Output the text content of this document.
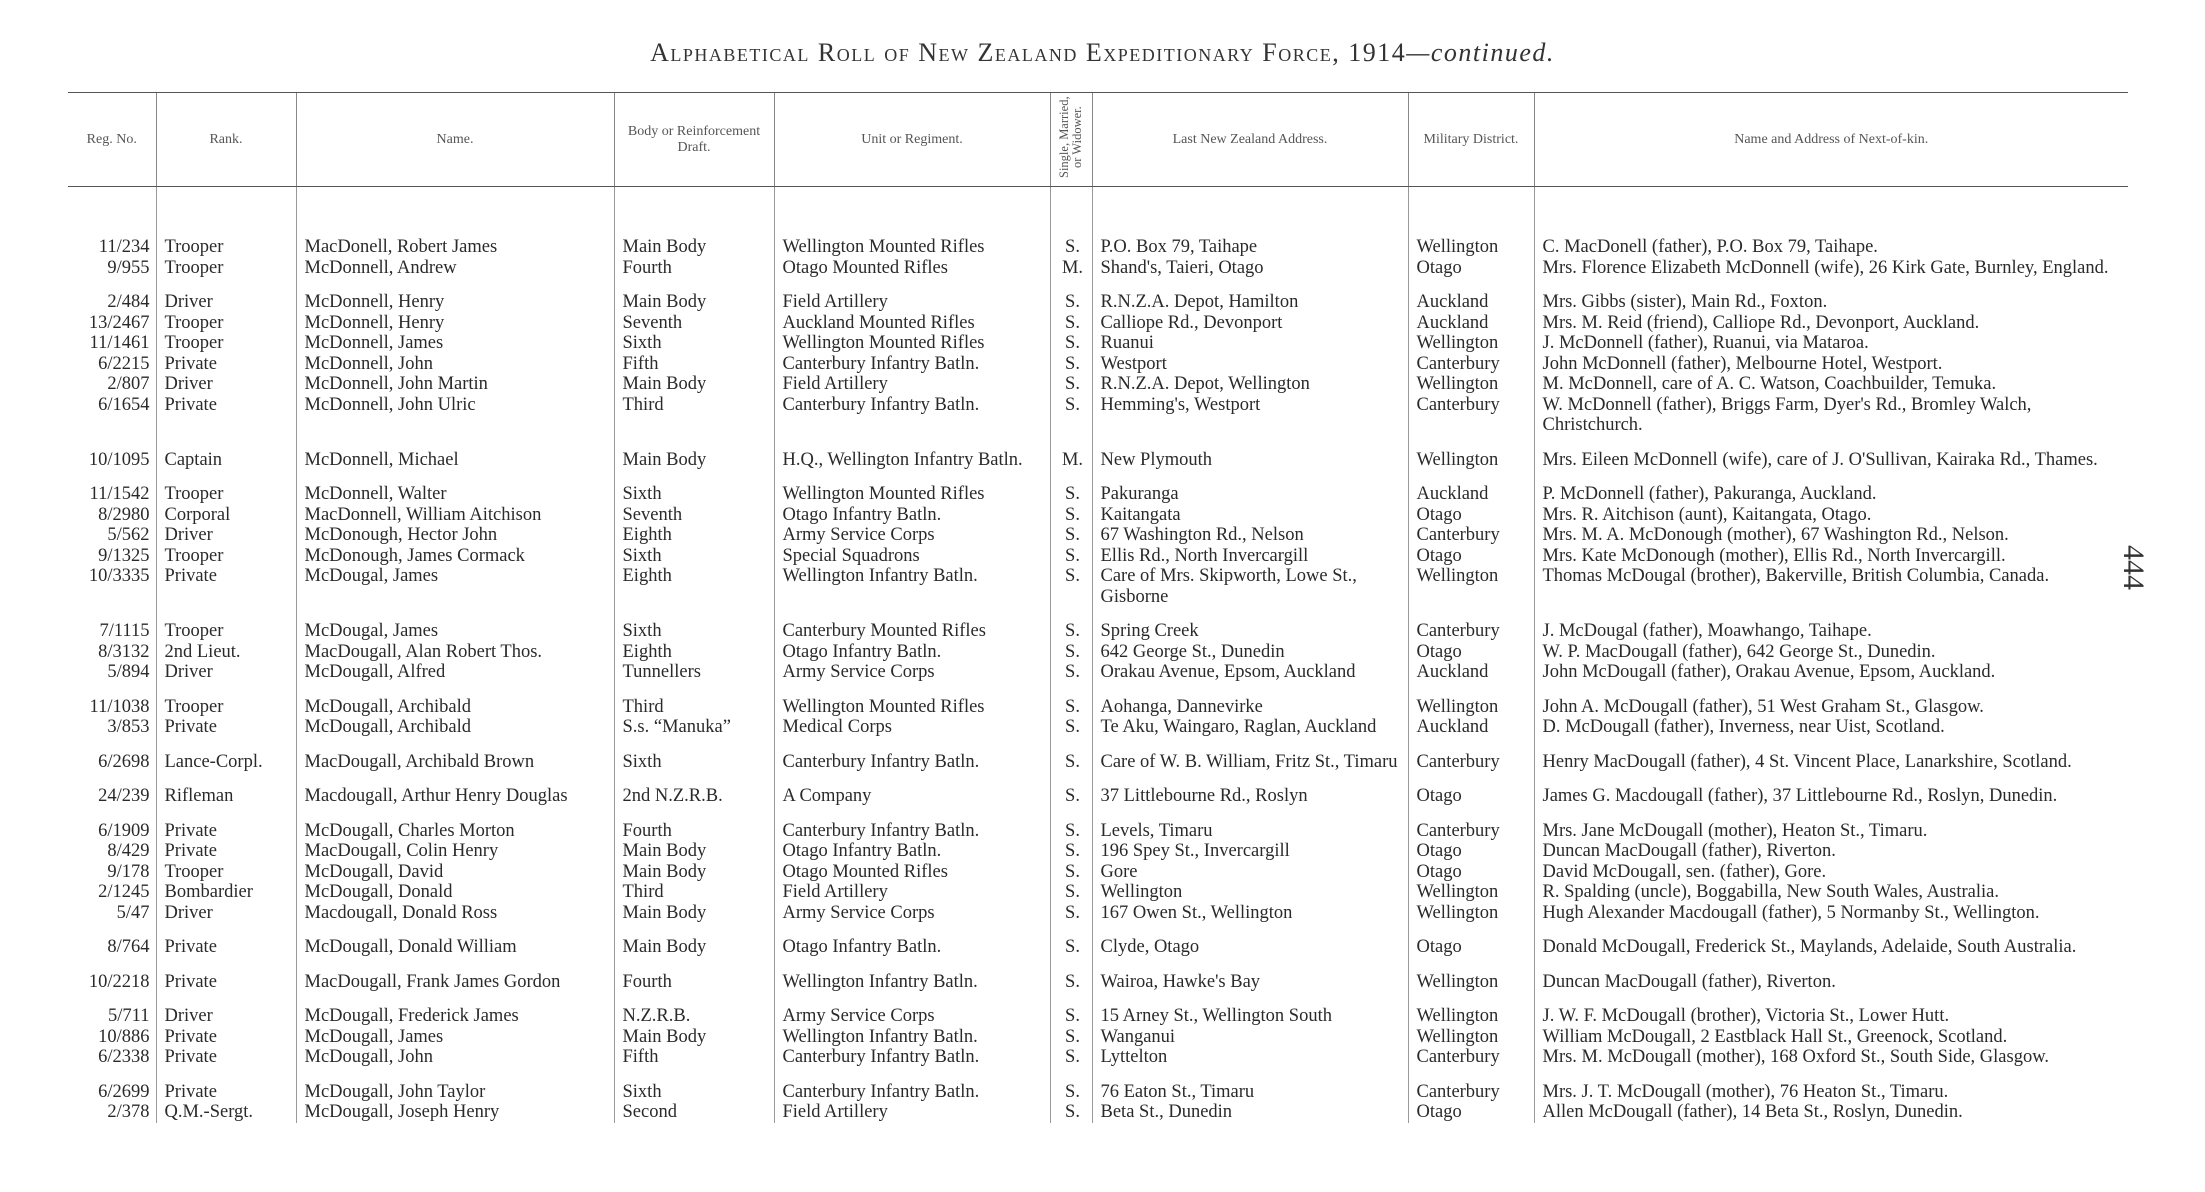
Alphabetical Roll of New Zealand Expeditionary Force, 1914—continued.
444
Reg. No.	Rank.	Name.	Body or Reinforcement Draft.	Unit or Regiment.	Single, Married, or Widower.	Last New Zealand Address.	Military District.	Name and Address of Next-of-kin.
11/234	Trooper	MacDonell, Robert James	Main Body	Wellington Mounted Rifles	S.	P.O. Box 79, Taihape	Wellington	C. MacDonell (father), P.O. Box 79, Taihape.
9/955	Trooper	McDonnell, Andrew	Fourth	Otago Mounted Rifles	M.	Shand's, Taieri, Otago	Otago	Mrs. Florence Elizabeth McDonnell (wife), 26 Kirk Gate, Burnley, England.

2/484	Driver	McDonnell, Henry	Main Body	Field Artillery	S.	R.N.Z.A. Depot, Hamilton	Auckland	Mrs. Gibbs (sister), Main Rd., Foxton.
13/2467	Trooper	McDonnell, Henry	Seventh	Auckland Mounted Rifles	S.	Calliope Rd., Devonport	Auckland	Mrs. M. Reid (friend), Calliope Rd., Devonport, Auckland.
11/1461	Trooper	McDonnell, James	Sixth	Wellington Mounted Rifles	S.	Ruanui	Wellington	J. McDonnell (father), Ruanui, via Mataroa.
6/2215	Private	McDonnell, John	Fifth	Canterbury Infantry Batln.	S.	Westport	Canterbury	John McDonnell (father), Melbourne Hotel, Westport.
2/807	Driver	McDonnell, John Martin	Main Body	Field Artillery	S.	R.N.Z.A. Depot, Wellington	Wellington	M. McDonnell, care of A. C. Watson, Coachbuilder, Temuka.
6/1654	Private	McDonnell, John Ulric	Third	Canterbury Infantry Batln.	S.	Hemming's, Westport	Canterbury	W. McDonnell (father), Briggs Farm, Dyer's Rd., Bromley Walch, Christchurch.

10/1095	Captain	McDonnell, Michael	Main Body	H.Q., Wellington Infantry Batln.	M.	New Plymouth	Wellington	Mrs. Eileen McDonnell (wife), care of J. O'Sullivan, Kairaka Rd., Thames.

11/1542	Trooper	McDonnell, Walter	Sixth	Wellington Mounted Rifles	S.	Pakuranga	Auckland	P. McDonnell (father), Pakuranga, Auckland.
8/2980	Corporal	MacDonnell, William Aitchison	Seventh	Otago Infantry Batln.	S.	Kaitangata	Otago	Mrs. R. Aitchison (aunt), Kaitangata, Otago.
5/562	Driver	McDonough, Hector John	Eighth	Army Service Corps	S.	67 Washington Rd., Nelson	Canterbury	Mrs. M. A. McDonough (mother), 67 Washington Rd., Nelson.
9/1325	Trooper	McDonough, James Cormack	Sixth	Special Squadrons	S.	Ellis Rd., North Invercargill	Otago	Mrs. Kate McDonough (mother), Ellis Rd., North Invercargill.
10/3335	Private	McDougal, James	Eighth	Wellington Infantry Batln.	S.	Care of Mrs. Skipworth, Lowe St., Gisborne	Wellington	Thomas McDougal (brother), Bakerville, British Columbia, Canada.

7/1115	Trooper	McDougal, James	Sixth	Canterbury Mounted Rifles	S.	Spring Creek	Canterbury	J. McDougal (father), Moawhango, Taihape.
8/3132	2nd Lieut.	MacDougall, Alan Robert Thos.	Eighth	Otago Infantry Batln.	S.	642 George St., Dunedin	Otago	W. P. MacDougall (father), 642 George St., Dunedin.
5/894	Driver	McDougall, Alfred	Tunnellers	Army Service Corps	S.	Orakau Avenue, Epsom, Auckland	Auckland	John McDougall (father), Orakau Avenue, Epsom, Auckland.

11/1038	Trooper	McDougall, Archibald	Third	Wellington Mounted Rifles	S.	Aohanga, Dannevirke	Wellington	John A. McDougall (father), 51 West Graham St., Glasgow.
3/853	Private	McDougall, Archibald	S.s. “Manuka”	Medical Corps	S.	Te Aku, Waingaro, Raglan, Auckland	Auckland	D. McDougall (father), Inverness, near Uist, Scotland.

6/2698	Lance-Corpl.	MacDougall, Archibald Brown	Sixth	Canterbury Infantry Batln.	S.	Care of W. B. William, Fritz St., Timaru	Canterbury	Henry MacDougall (father), 4 St. Vincent Place, Lanarkshire, Scotland.

24/239	Rifleman	Macdougall, Arthur Henry Douglas	2nd N.Z.R.B.	A Company	S.	37 Littlebourne Rd., Roslyn	Otago	James G. Macdougall (father), 37 Littlebourne Rd., Roslyn, Dunedin.

6/1909	Private	McDougall, Charles Morton	Fourth	Canterbury Infantry Batln.	S.	Levels, Timaru	Canterbury	Mrs. Jane McDougall (mother), Heaton St., Timaru.
8/429	Private	MacDougall, Colin Henry	Main Body	Otago Infantry Batln.	S.	196 Spey St., Invercargill	Otago	Duncan MacDougall (father), Riverton.
9/178	Trooper	McDougall, David	Main Body	Otago Mounted Rifles	S.	Gore	Otago	David McDougall, sen. (father), Gore.
2/1245	Bombardier	McDougall, Donald	Third	Field Artillery	S.	Wellington	Wellington	R. Spalding (uncle), Boggabilla, New South Wales, Australia.
5/47	Driver	Macdougall, Donald Ross	Main Body	Army Service Corps	S.	167 Owen St., Wellington	Wellington	Hugh Alexander Macdougall (father), 5 Normanby St., Wellington.

8/764	Private	McDougall, Donald William	Main Body	Otago Infantry Batln.	S.	Clyde, Otago	Otago	Donald McDougall, Frederick St., Maylands, Adelaide, South Australia.

10/2218	Private	MacDougall, Frank James Gordon	Fourth	Wellington Infantry Batln.	S.	Wairoa, Hawke's Bay	Wellington	Duncan MacDougall (father), Riverton.

5/711	Driver	McDougall, Frederick James	N.Z.R.B.	Army Service Corps	S.	15 Arney St., Wellington South	Wellington	J. W. F. McDougall (brother), Victoria St., Lower Hutt.
10/886	Private	McDougall, James	Main Body	Wellington Infantry Batln.	S.	Wanganui	Wellington	William McDougall, 2 Eastblack Hall St., Greenock, Scotland.
6/2338	Private	McDougall, John	Fifth	Canterbury Infantry Batln.	S.	Lyttelton	Canterbury	Mrs. M. McDougall (mother), 168 Oxford St., South Side, Glasgow.

6/2699	Private	McDougall, John Taylor	Sixth	Canterbury Infantry Batln.	S.	76 Eaton St., Timaru	Canterbury	Mrs. J. T. McDougall (mother), 76 Heaton St., Timaru.
2/378	Q.M.-Sergt.	McDougall, Joseph Henry	Second	Field Artillery	S.	Beta St., Dunedin	Otago	Allen McDougall (father), 14 Beta St., Roslyn, Dunedin.
